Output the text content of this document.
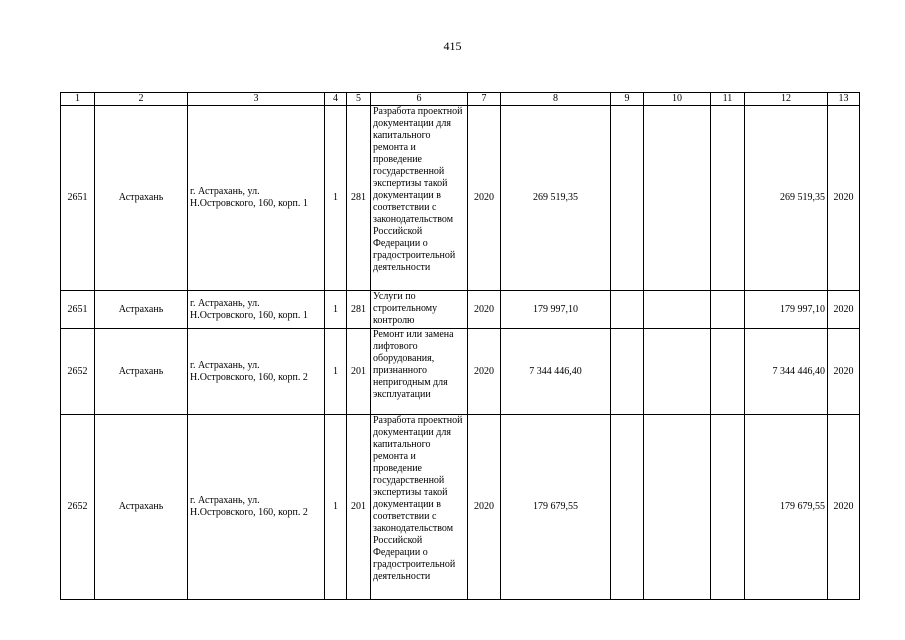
415
1	2	3	4	5	6	7	8	9	10	11	12	13
2651	Астрахань	г. Астрахань, ул. Н.Островского, 160, корп. 1	1	281	Разработа проектной документации для капитального ремонта и проведение государственной экспертизы такой документации в соответствии с законодательством Российской Федерации о градостроительной деятельности	2020	269 519,35				269 519,35	2020
2651	Астрахань	г. Астрахань, ул. Н.Островского, 160, корп. 1	1	281	Услуги по строительному контролю	2020	179 997,10				179 997,10	2020
2652	Астрахань	г. Астрахань, ул. Н.Островского, 160, корп. 2	1	201	Ремонт или замена лифтового оборудования, признанного непригодным для эксплуатации	2020	7 344 446,40				7 344 446,40	2020
2652	Астрахань	г. Астрахань, ул. Н.Островского, 160, корп. 2	1	201	Разработа проектной документации для капитального ремонта и проведение государственной экспертизы такой документации в соответствии с законодательством Российской Федерации о градостроительной деятельности	2020	179 679,55				179 679,55	2020
